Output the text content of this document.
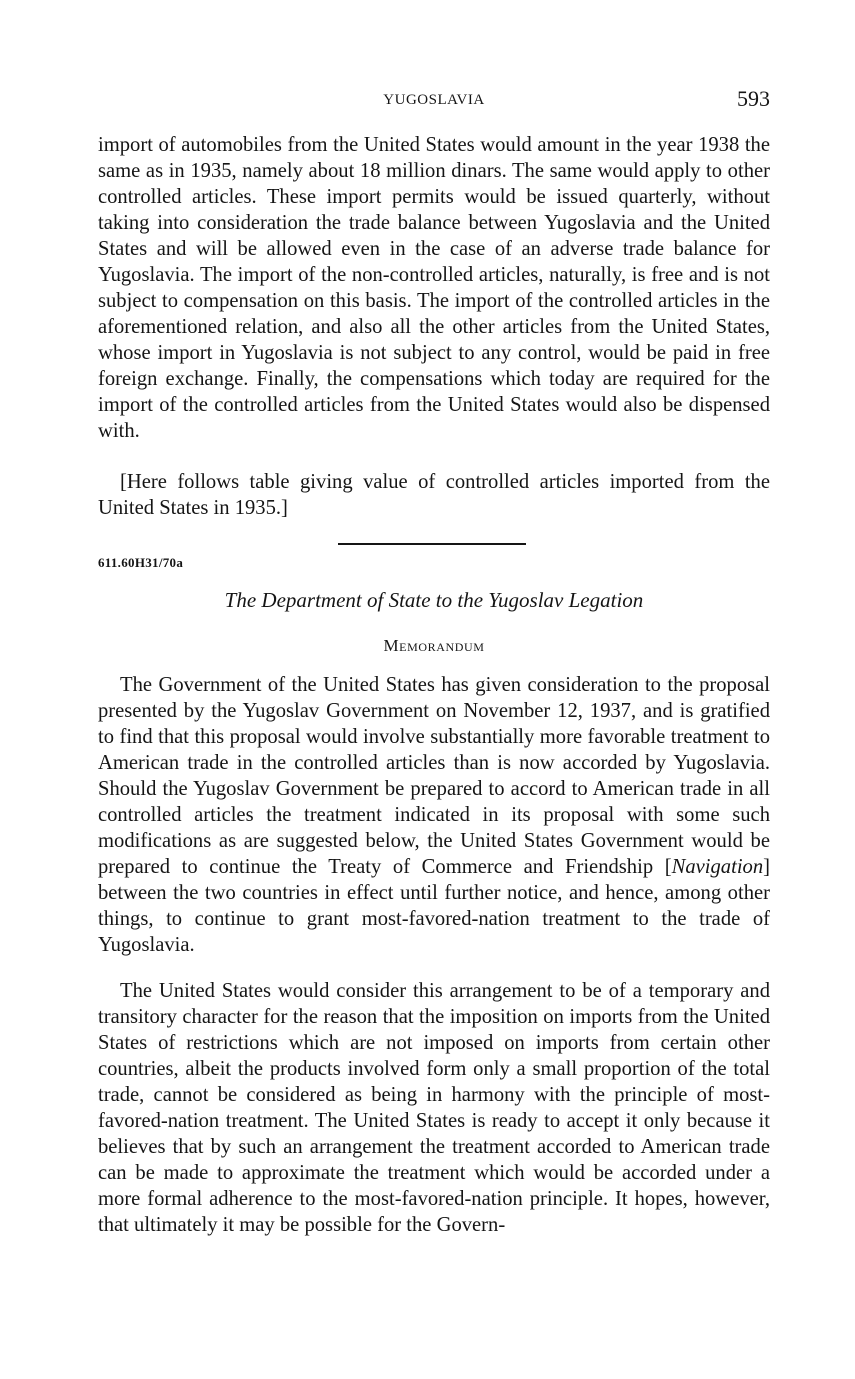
YUGOSLAVIA	593

import of automobiles from the United States would amount in the year 1938 the same as in 1935, namely about 18 million dinars. The same would apply to other controlled articles. These import permits would be issued quarterly, without taking into consideration the trade balance between Yugoslavia and the United States and will be allowed even in the case of an adverse trade balance for Yugoslavia. The import of the non-controlled articles, naturally, is free and is not subject to compensation on this basis. The import of the controlled articles in the aforementioned relation, and also all the other articles from the United States, whose import in Yugoslavia is not subject to any control, would be paid in free foreign exchange. Finally, the compensations which today are required for the import of the controlled articles from the United States would also be dispensed with.

[Here follows table giving value of controlled articles imported from the United States in 1935.]

611.60H31/70a
The Department of State to the Yugoslav Legation
Memorandum

The Government of the United States has given consideration to the proposal presented by the Yugoslav Government on November 12, 1937, and is gratified to find that this proposal would involve substantially more favorable treatment to American trade in the controlled articles than is now accorded by Yugoslavia. Should the Yugoslav Government be prepared to accord to American trade in all controlled articles the treatment indicated in its proposal with some such modifications as are suggested below, the United States Government would be prepared to continue the Treaty of Commerce and Friendship [Navigation] between the two countries in effect until further notice, and hence, among other things, to continue to grant most-favored-nation treatment to the trade of Yugoslavia.

The United States would consider this arrangement to be of a temporary and transitory character for the reason that the imposition on imports from the United States of restrictions which are not imposed on imports from certain other countries, albeit the products involved form only a small proportion of the total trade, cannot be considered as being in harmony with the principle of most-favored-nation treatment. The United States is ready to accept it only because it believes that by such an arrangement the treatment accorded to American trade can be made to approximate the treatment which would be accorded under a more formal adherence to the most-favored-nation principle. It hopes, however, that ultimately it may be possible for the Govern-
